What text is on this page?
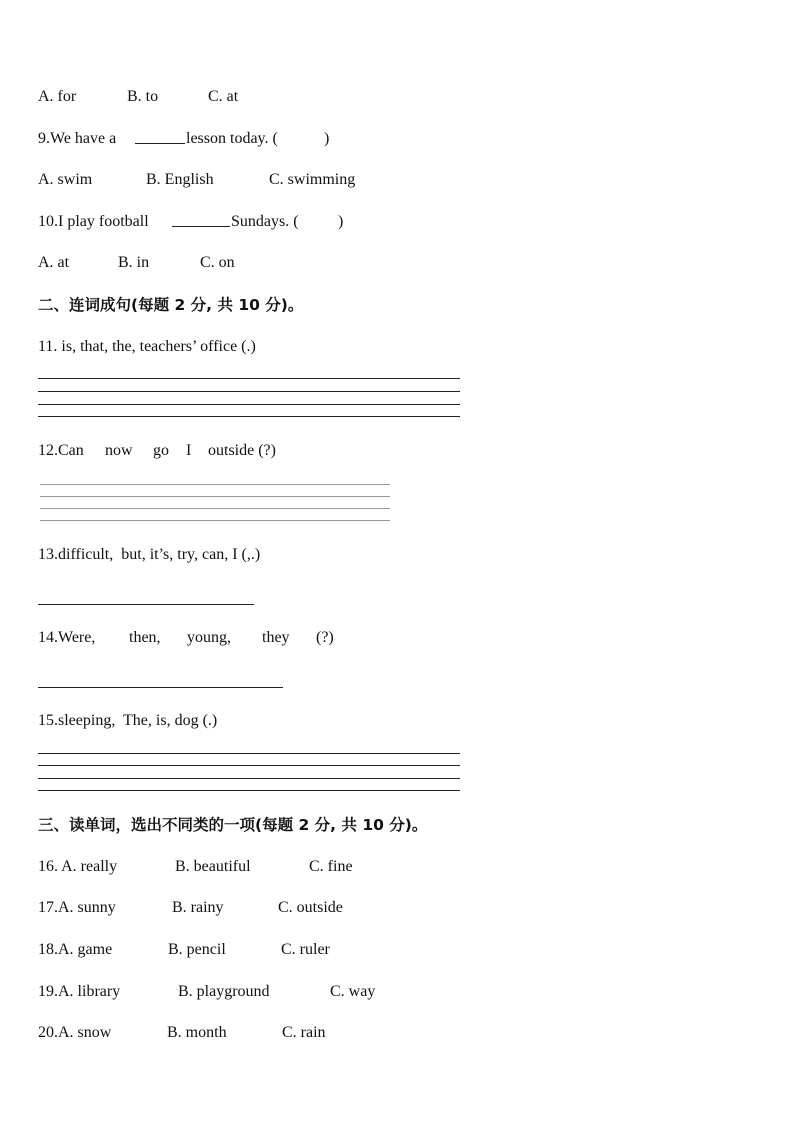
A. for

	B. to

	C. at

9.We have a

	lesson today. (

	)

A. swim

	B. English

	C. swimming

10.I play football

	Sundays. (

)

A. at

	B. in

	C. on

二、连词成句(每题 2 分, 共 10 分)。
11. is, that, the, teachers’ office (.)

12.Can

now

go

I

outside (?)

13.difficult,  but, it’s, try, can, I (,.)

14.Were,

then,

young,

they

(?)

15.sleeping,  The, is, dog (.)
三、读单词，选出不同类的一项(每题 2 分, 共 10 分)。

16. A. really

	B. beautiful

	C. fine

17.A. sunny

	B. rainy

	C. outside

18.A. game

	B. pencil

	C. ruler

19.A. library

	B. playground

	C. way

20.A. snow

	B. month

	C. rain
